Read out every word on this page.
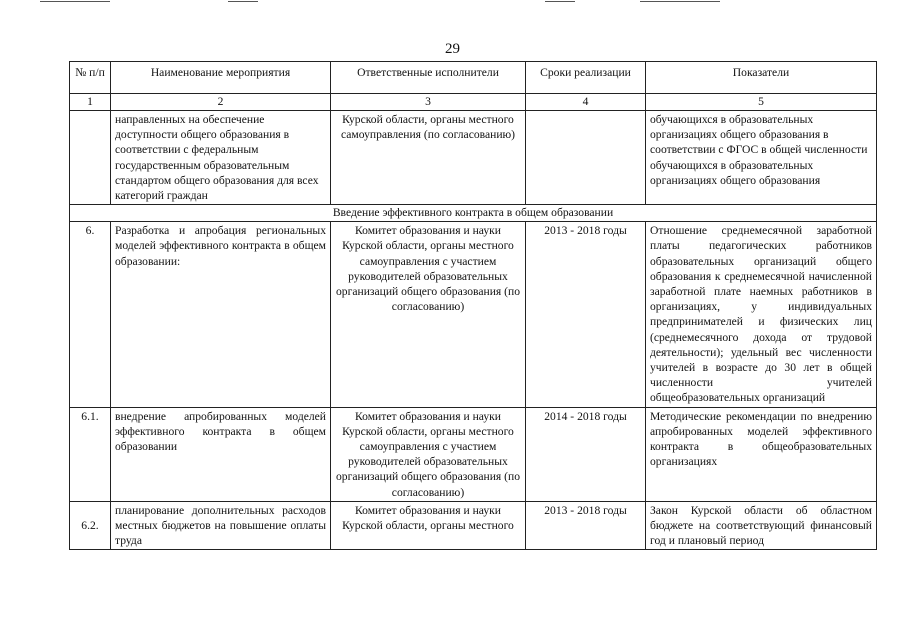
29
№ п/п	Наименование мероприятия	Ответственные исполнители	Сроки реализации	Показатели
1	2	3	4	5
	направленных на обеспечение доступности общего образования в соответствии с федеральным государственным образовательным стандартом общего образования для всех категорий граждан	Курской области, органы местного самоуправления (по согласованию)		обучающихся в образовательных организациях общего образования в соответствии с ФГОС в общей численности обучающихся в образовательных организациях общего образования
Введение эффективного контракта в общем образовании				
6.	Разработка и апробация региональных моделей эффективного контракта в общем образовании:	Комитет образования и науки Курской области, органы местного самоуправления с участием руководителей образовательных организаций общего образования (по согласованию)	2013 - 2018 годы	Отношение среднемесячной заработной платы педагогических работников образовательных организаций общего образования к среднемесячной начисленной заработной плате наемных работников в организациях, у индивидуальных предпринимателей и физических лиц (среднемесячного дохода от трудовой деятельности); удельный вес численности учителей в возрасте до 30 лет в общей численности учителей общеобразовательных организаций
6.1.	внедрение апробированных моделей эффективного контракта в общем образовании	Комитет образования и науки Курской области, органы местного самоуправления с участием руководителей образовательных организаций общего образования (по согласованию)	2014 - 2018 годы	Методические рекомендации по внедрению апробированных моделей эффективного контракта в общеобразовательных организациях
6.2.	планирование дополнительных расходов местных бюджетов на повышение оплаты труда	Комитет образования и науки Курской области, органы местного	2013 - 2018 годы	Закон Курской области об областном бюджете на соответствующий финансовый год и плановый период
